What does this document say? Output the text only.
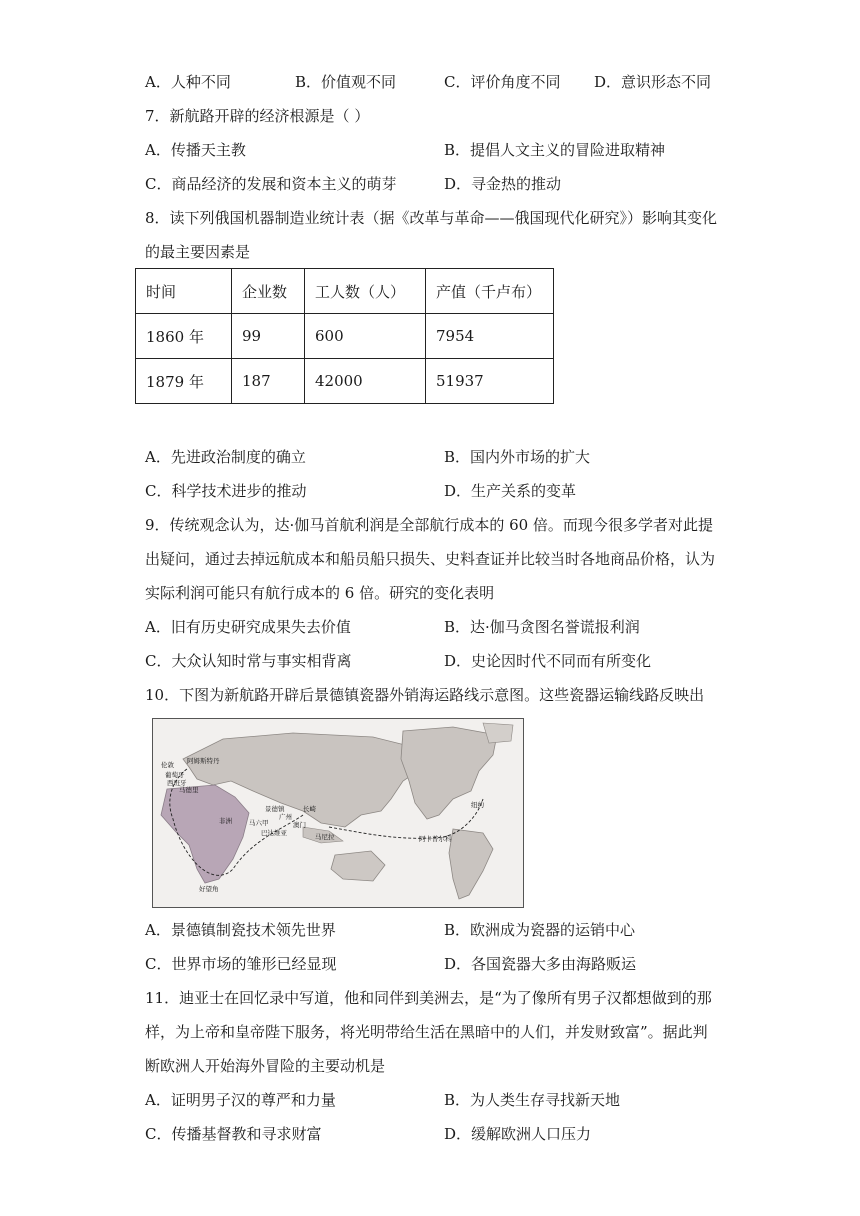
A．人种不同	B．价值观不同	C．评价角度不同 D．意识形态不同
7．新航路开辟的经济根源是（ ）
A．传播天主教	B．提倡人文主义的冒险进取精神
C．商品经济的发展和资本主义的萌芽	D．寻金热的推动
8．读下列俄国机器制造业统计表（据《改革与革命——俄国现代化研究》）影响其变化
的最主要因素是
时间	企业数	工人数（人）	产值（千卢布）
1860 年	99	600	7954
1879 年	187	42000	51937
A．先进政治制度的确立	B．国内外市场的扩大
C．科学技术进步的推动	D．生产关系的变革
9．传统观念认为，达·伽马首航利润是全部航行成本的 60 倍。而现今很多学者对此提
出疑问，通过去掉远航成本和船员船只损失、史料查证并比较当时各地商品价格，认为
实际利润可能只有航行成本的 6 倍。研究的变化表明
A．旧有历史研究成果失去价值	B．达·伽马贪图名誉谎报利润
C．大众认知时常与事实相背离	D．史论因时代不同而有所变化
10．下图为新航路开辟后景德镇瓷器外销海运路线示意图。这些瓷器运输线路反映出
伦敦 阿姆斯特丹
葡萄牙
西班牙
马德里
景德镇
广州
澳门
长崎
马尼拉
巴达维亚
马六甲
非洲
好望角
纽约
阿卡普尔科
A．景德镇制瓷技术领先世界	B．欧洲成为瓷器的运销中心
C．世界市场的雏形已经显现	D．各国瓷器大多由海路贩运
11．迪亚士在回忆录中写道，他和同伴到美洲去，是“为了像所有男子汉都想做到的那
样，为上帝和皇帝陛下服务，将光明带给生活在黑暗中的人们，并发财致富”。据此判
断欧洲人开始海外冒险的主要动机是
A．证明男子汉的尊严和力量	B．为人类生存寻找新天地
C．传播基督教和寻求财富	D．缓解欧洲人口压力
